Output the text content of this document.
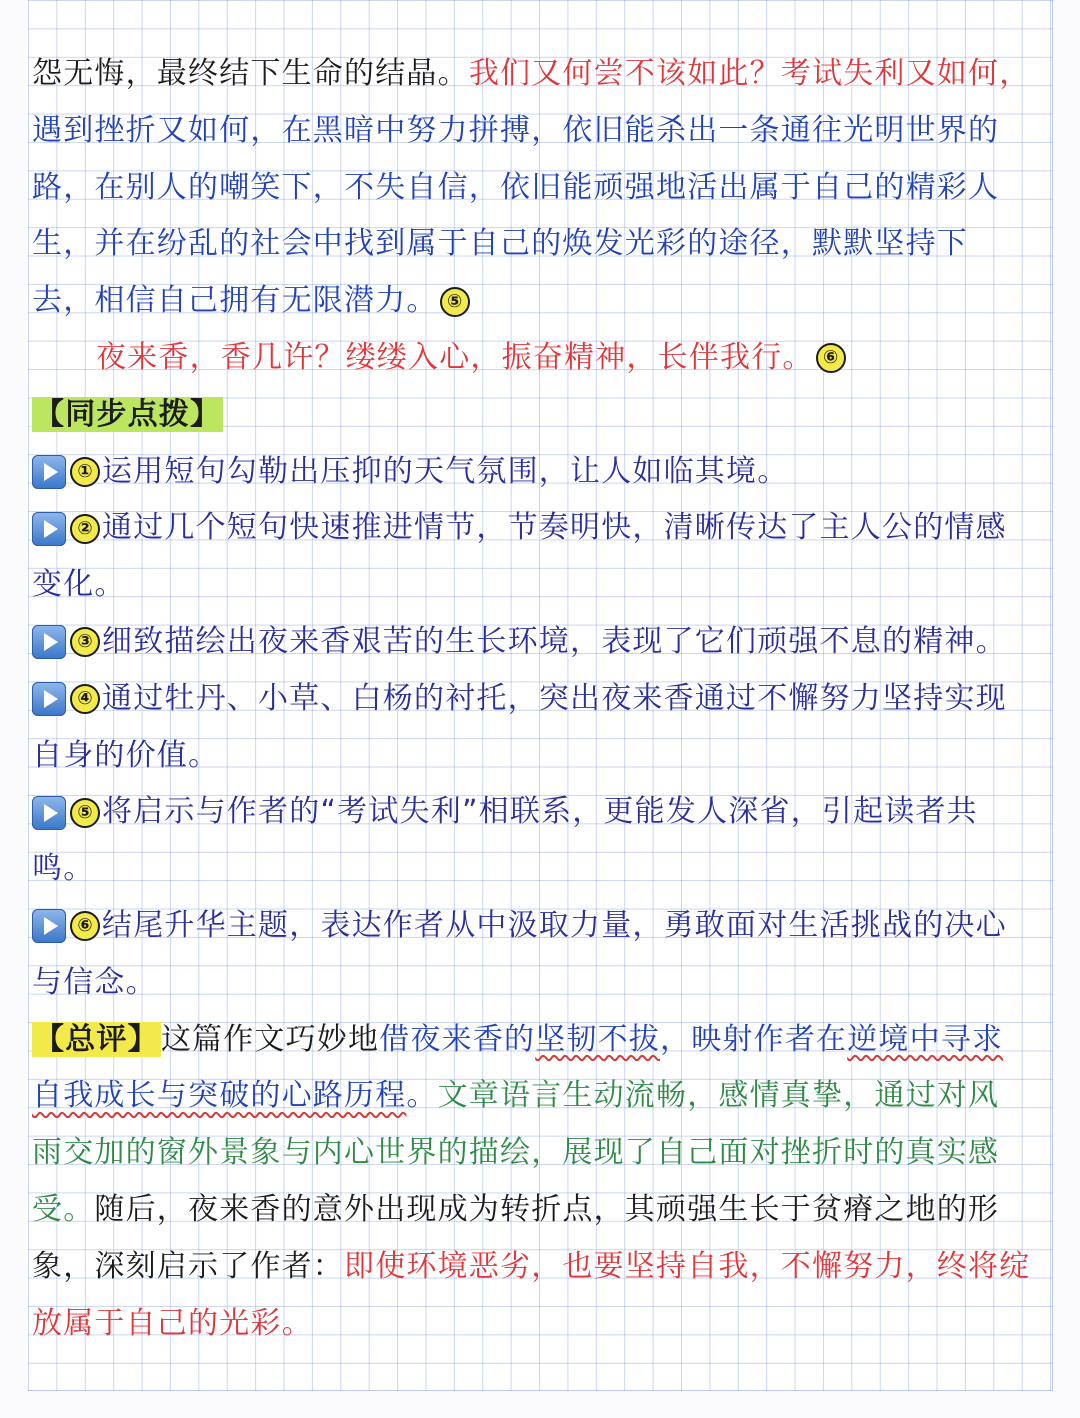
怨无悔，最终结下生命的结晶。我们又何尝不该如此？考试失利又如何，
遇到挫折又如何，在黑暗中努力拼搏，依旧能杀出一条通往光明世界的
路，在别人的嘲笑下，不失自信，依旧能顽强地活出属于自己的精彩人
生，并在纷乱的社会中找到属于自己的焕发光彩的途径，默默坚持下
去，相信自己拥有无限潜力。 ⑤
夜来香，香几许？缕缕入心，振奋精神，长伴我行。 ⑥
【同步点拨】
① 运用短句勾勒出压抑的天气氛围，让人如临其境。
② 通过几个短句快速推进情节，节奏明快，清晰传达了主人公的情感
变化。
③ 细致描绘出夜来香艰苦的生长环境，表现了它们顽强不息的精神。
④ 通过牡丹、小草、白杨的衬托，突出夜来香通过不懈努力坚持实现
自身的价值。
⑤ 将启示与作者的“考试失利”相联系，更能发人深省，引起读者共
鸣。
⑥ 结尾升华主题，表达作者从中汲取力量，勇敢面对生活挑战的决心
与信念。
【总评】这篇作文巧妙地借夜来香的坚韧不拔，映射作者在逆境中寻求
自我成长与突破的心路历程。文章语言生动流畅，感情真挚，通过对风
雨交加的窗外景象与内心世界的描绘，展现了自己面对挫折时的真实感
受。随后，夜来香的意外出现成为转折点，其顽强生长于贫瘠之地的形
象，深刻启示了作者：即使环境恶劣，也要坚持自我，不懈努力，终将绽
放属于自己的光彩。
